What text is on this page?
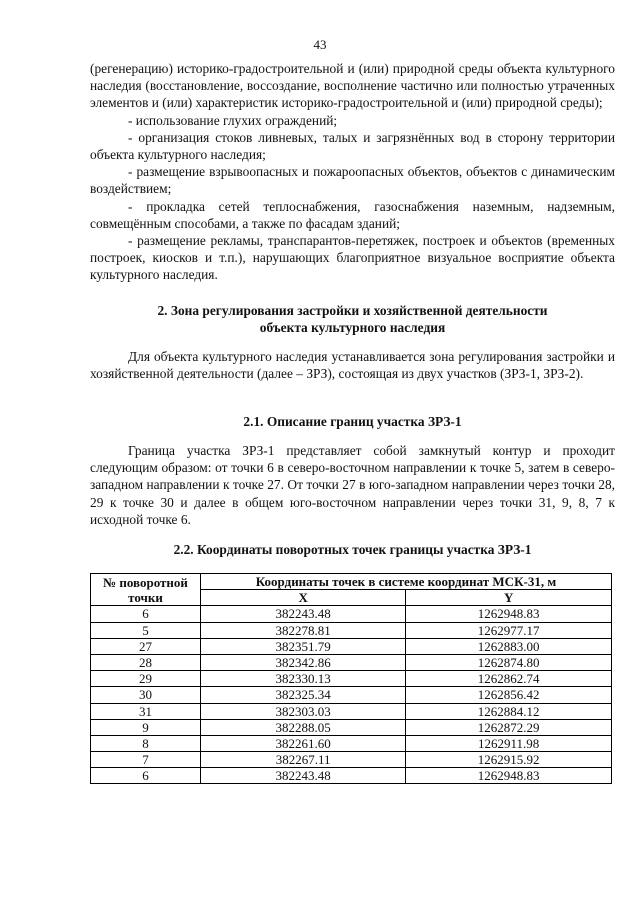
43

(регенерацию) историко-градостроительной и (или) природной среды объекта культурного наследия (восстановление, воссоздание, восполнение частично или полностью утраченных элементов и (или) характеристик историко-градостроительной и (или) природной среды);

- использование глухих ограждений;

- организация стоков ливневых, талых и загрязнённых вод в сторону территории объекта культурного наследия;

- размещение взрывоопасных и пожароопасных объектов, объектов с динамическим воздействием;

- прокладка сетей теплоснабжения, газоснабжения наземным, надземным, совмещённым способами, а также по фасадам зданий;

- размещение рекламы, транспарантов-перетяжек, построек и объектов (временных построек, киосков и т.п.), нарушающих благоприятное визуальное восприятие объекта культурного наследия.

2. Зона регулирования застройки и хозяйственной деятельности
объекта культурного наследия

Для объекта культурного наследия устанавливается зона регулирования застройки и хозяйственной деятельности (далее – ЗРЗ), состоящая из двух участков (ЗРЗ-1, ЗРЗ-2).

2.1. Описание границ участка ЗРЗ-1

Граница участка ЗРЗ-1 представляет собой замкнутый контур и проходит следующим образом: от точки 6 в северо-восточном направлении к точке 5, затем в северо-западном направлении к точке 27. От точки 27 в юго-западном направлении через точки 28, 29 к точке 30 и далее в общем юго-восточном направлении через точки 31, 9, 8, 7 к исходной точке 6.

2.2. Координаты поворотных точек границы участка ЗРЗ-1
№ поворотной
точки	Координаты точек в системе координат МСК-31, м	
	X	Y
6	382243.48	1262948.83
5	382278.81	1262977.17
27	382351.79	1262883.00
28	382342.86	1262874.80
29	382330.13	1262862.74
30	382325.34	1262856.42
31	382303.03	1262884.12
9	382288.05	1262872.29
8	382261.60	1262911.98
7	382267.11	1262915.92
6	382243.48	1262948.83
